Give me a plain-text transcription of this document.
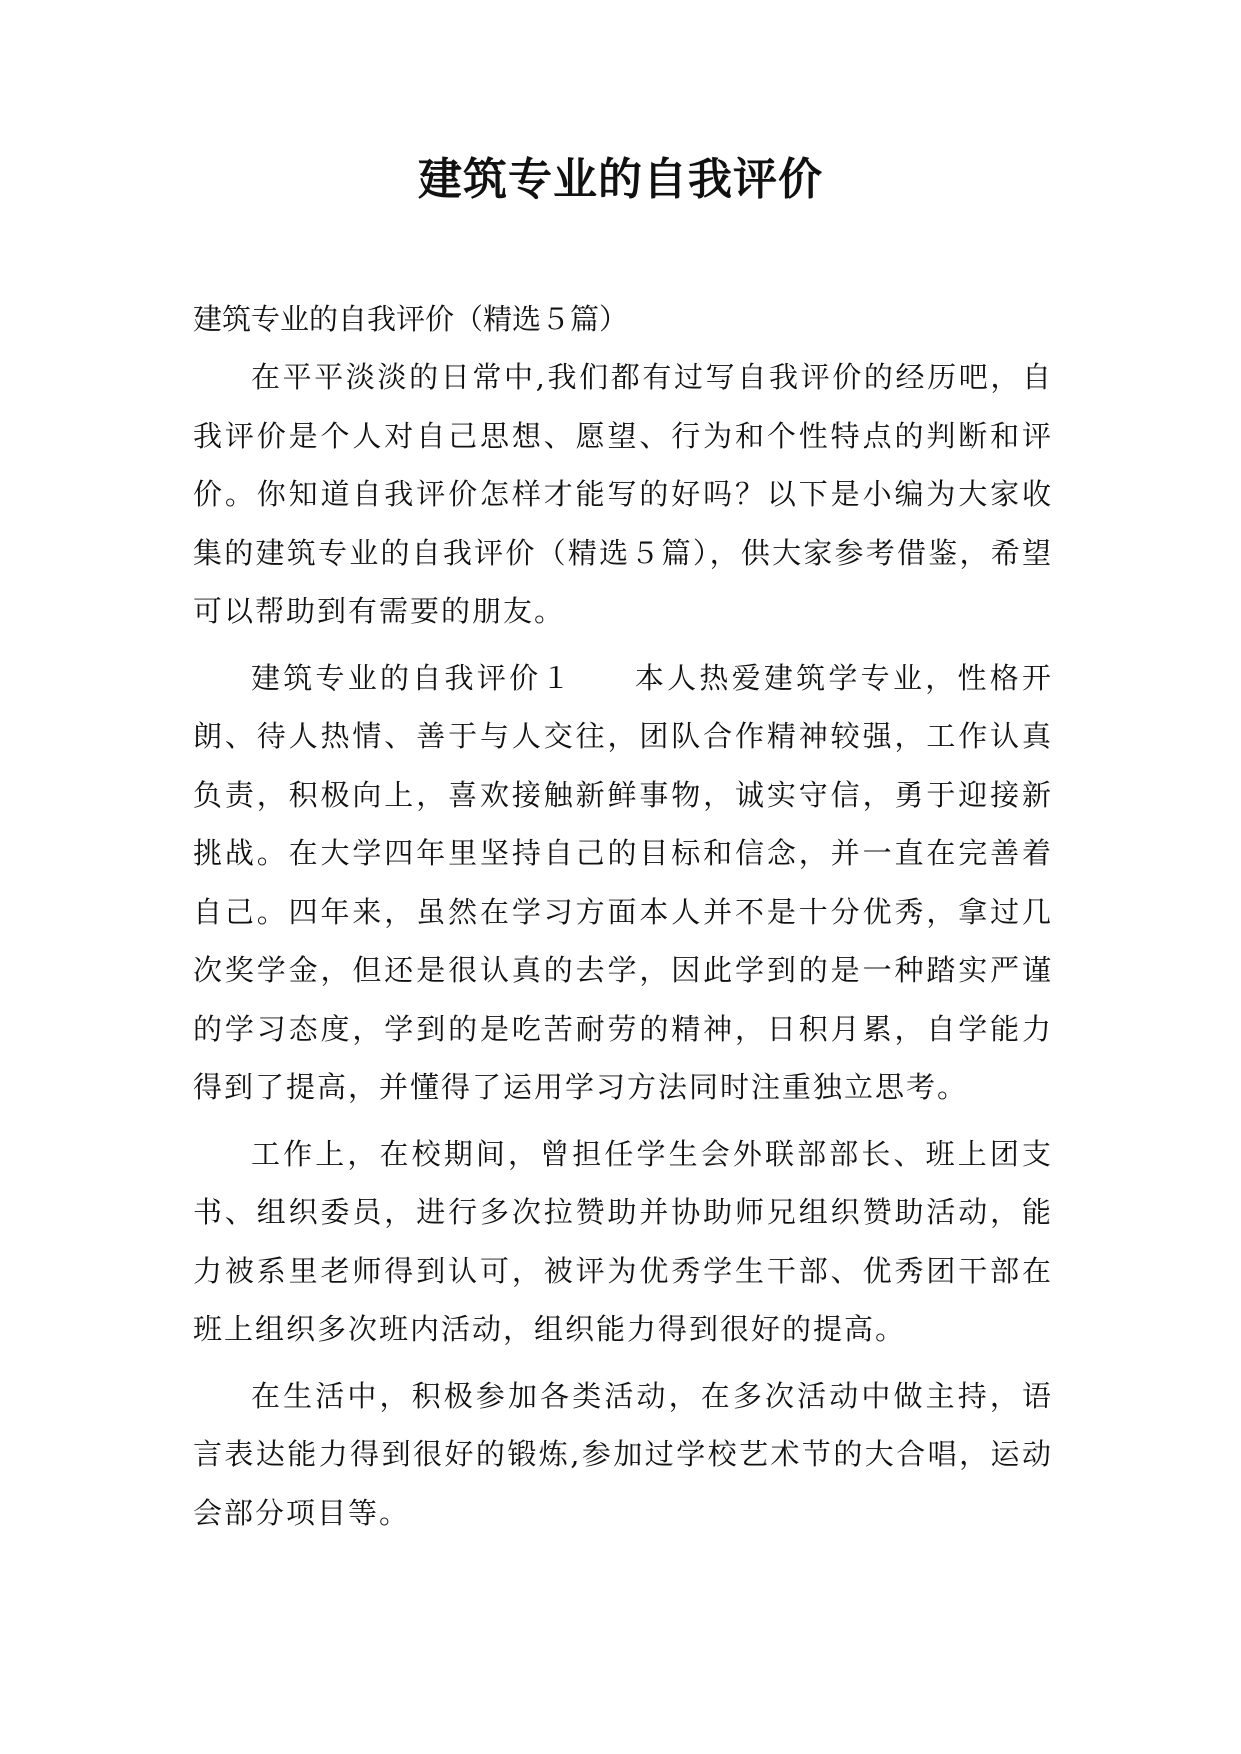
建筑专业的自我评价

建筑专业的自我评价（精选５篇）

在平平淡淡的日常中,我们都有过写自我评价的经历吧，自我评价是个人对自己思想、愿望、行为和个性特点的判断和评价。你知道自我评价怎样才能写的好吗？以下是小编为大家收集的建筑专业的自我评价（精选５篇），供大家参考借鉴，希望可以帮助到有需要的朋友。

建筑专业的自我评价１ 本人热爱建筑学专业，性格开朗、待人热情、善于与人交往，团队合作精神较强，工作认真负责，积极向上，喜欢接触新鲜事物，诚实守信，勇于迎接新挑战。在大学四年里坚持自己的目标和信念，并一直在完善着自己。四年来，虽然在学习方面本人并不是十分优秀，拿过几次奖学金，但还是很认真的去学，因此学到的是一种踏实严谨的学习态度，学到的是吃苦耐劳的精神，日积月累，自学能力得到了提高，并懂得了运用学习方法同时注重独立思考。

工作上，在校期间，曾担任学生会外联部部长、班上团支书、组织委员，进行多次拉赞助并协助师兄组织赞助活动，能力被系里老师得到认可，被评为优秀学生干部、优秀团干部在班上组织多次班内活动，组织能力得到很好的提高。

在生活中，积极参加各类活动，在多次活动中做主持，语言表达能力得到很好的锻炼,参加过学校艺术节的大合唱，运动会部分项目等。
